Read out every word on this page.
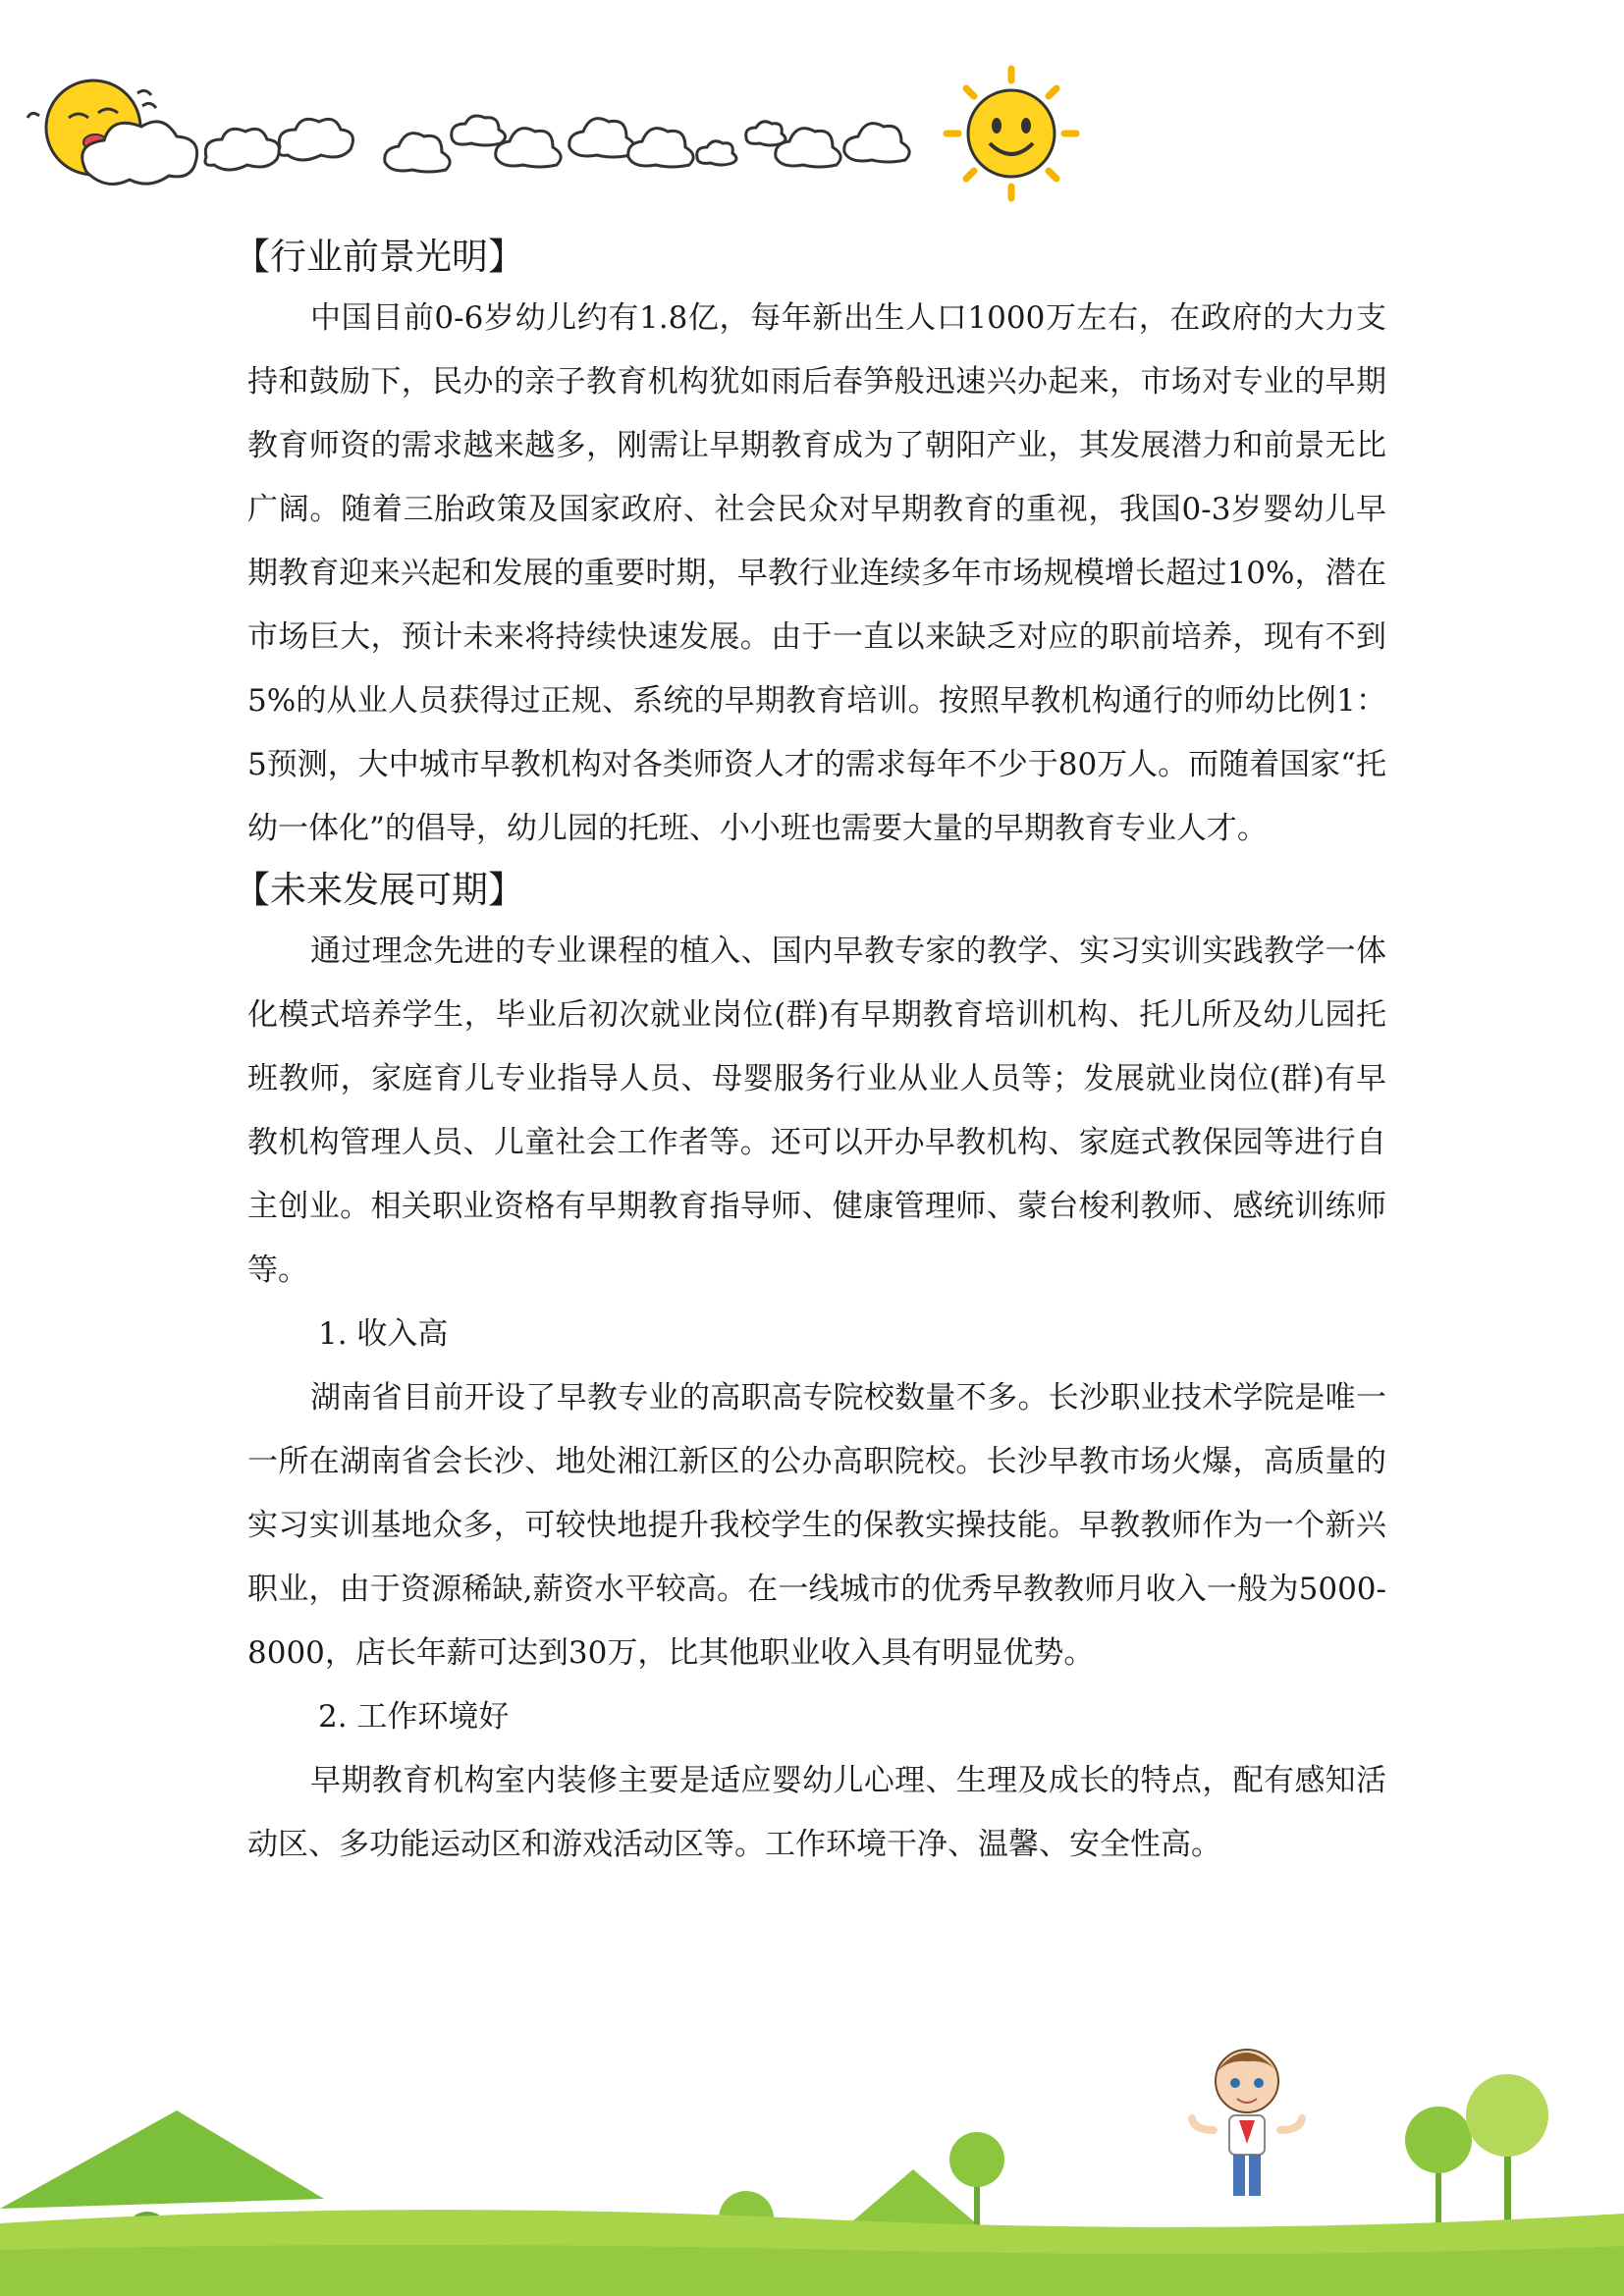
【行业前景光明】

中国目前0-6岁幼儿约有1.8亿，每年新出生人口1000万左右，在政府的大力支持和鼓励下，民办的亲子教育机构犹如雨后春笋般迅速兴办起来，市场对专业的早期教育师资的需求越来越多，刚需让早期教育成为了朝阳产业，其发展潜力和前景无比广阔。随着三胎政策及国家政府、社会民众对早期教育的重视，我国0-3岁婴幼儿早期教育迎来兴起和发展的重要时期，早教行业连续多年市场规模增长超过10%，潜在市场巨大，预计未来将持续快速发展。由于一直以来缺乏对应的职前培养，现有不到5%的从业人员获得过正规、系统的早期教育培训。按照早教机构通行的师幼比例1：5预测，大中城市早教机构对各类师资人才的需求每年不少于80万人。而随着国家“托幼一体化”的倡导，幼儿园的托班、小小班也需要大量的早期教育专业人才。

【未来发展可期】

通过理念先进的专业课程的植入、国内早教专家的教学、实习实训实践教学一体化模式培养学生，毕业后初次就业岗位(群)有早期教育培训机构、托儿所及幼儿园托班教师，家庭育儿专业指导人员、母婴服务行业从业人员等；发展就业岗位(群)有早教机构管理人员、儿童社会工作者等。还可以开办早教机构、家庭式教保园等进行自主创业。相关职业资格有早期教育指导师、健康管理师、蒙台梭利教师、感统训练师等。

1. 收入高

湖南省目前开设了早教专业的高职高专院校数量不多。长沙职业技术学院是唯一一所在湖南省会长沙、地处湘江新区的公办高职院校。长沙早教市场火爆，高质量的实习实训基地众多，可较快地提升我校学生的保教实操技能。早教教师作为一个新兴职业，由于资源稀缺,薪资水平较高。在一线城市的优秀早教教师月收入一般为5000-8000，店长年薪可达到30万，比其他职业收入具有明显优势。

2. 工作环境好

早期教育机构室内装修主要是适应婴幼儿心理、生理及成长的特点，配有感知活动区、多功能运动区和游戏活动区等。工作环境干净、温馨、安全性高。
